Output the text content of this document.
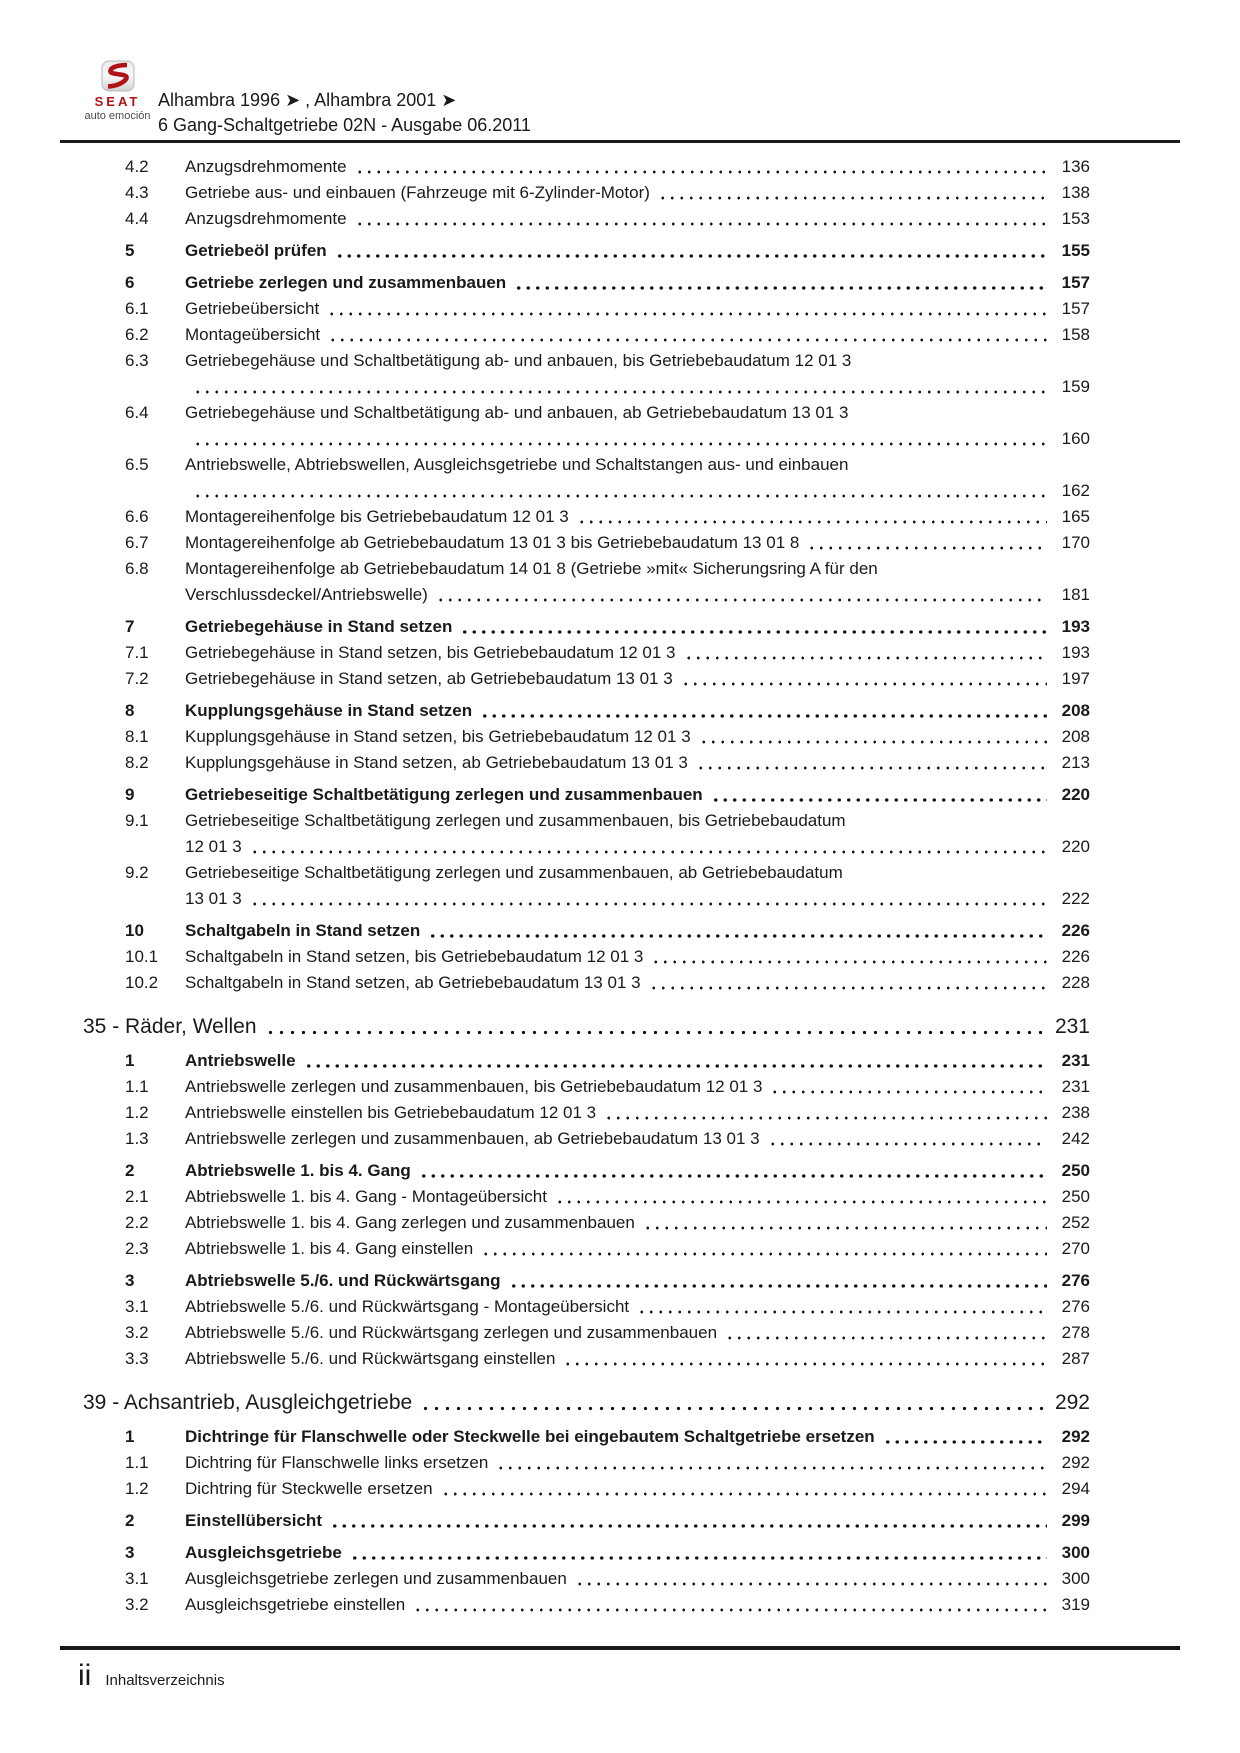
SEAT
auto emoción
Alhambra 1996 ➤ , Alhambra 2001 ➤
6 Gang-Schaltgetriebe 02N - Ausgabe 06.2011
4.2	Anzugsdrehmomente	136
4.3	Getriebe aus- und einbauen (Fahrzeuge mit 6-Zylinder-Motor)	138
4.4	Anzugsdrehmomente	153
5	Getriebeöl prüfen	155
6	Getriebe zerlegen und zusammenbauen	157
6.1	Getriebeübersicht	157
6.2	Montageübersicht	158
6.3	Getriebegehäuse und Schaltbetätigung ab- und anbauen, bis Getriebebaudatum 12 01 3
159
6.4	Getriebegehäuse und Schaltbetätigung ab- und anbauen, ab Getriebebaudatum 13 01 3
160
6.5	Antriebswelle, Abtriebswellen, Ausgleichsgetriebe und Schaltstangen aus- und einbauen
162
6.6	Montagereihenfolge bis Getriebebaudatum 12 01 3	165
6.7	Montagereihenfolge ab Getriebebaudatum 13 01 3 bis Getriebebaudatum 13 01 8	170
6.8	Montagereihenfolge ab Getriebebaudatum 14 01 8 (Getriebe »mit« Sicherungsring A für den
Verschlussdeckel/Antriebswelle)	181
7	Getriebegehäuse in Stand setzen	193
7.1	Getriebegehäuse in Stand setzen, bis Getriebebaudatum 12 01 3	193
7.2	Getriebegehäuse in Stand setzen, ab Getriebebaudatum 13 01 3	197
8	Kupplungsgehäuse in Stand setzen	208
8.1	Kupplungsgehäuse in Stand setzen, bis Getriebebaudatum 12 01 3	208
8.2	Kupplungsgehäuse in Stand setzen, ab Getriebebaudatum 13 01 3	213
9	Getriebeseitige Schaltbetätigung zerlegen und zusammenbauen	220
9.1	Getriebeseitige Schaltbetätigung zerlegen und zusammenbauen, bis Getriebebaudatum
12 01 3	220
9.2	Getriebeseitige Schaltbetätigung zerlegen und zusammenbauen, ab Getriebebaudatum
13 01 3	222
10	Schaltgabeln in Stand setzen	226
10.1	Schaltgabeln in Stand setzen, bis Getriebebaudatum 12 01 3	226
10.2	Schaltgabeln in Stand setzen, ab Getriebebaudatum 13 01 3	228
35 - Räder, Wellen	231
1	Antriebswelle	231
1.1	Antriebswelle zerlegen und zusammenbauen, bis Getriebebaudatum 12 01 3	231
1.2	Antriebswelle einstellen bis Getriebebaudatum 12 01 3	238
1.3	Antriebswelle zerlegen und zusammenbauen, ab Getriebebaudatum 13 01 3	242
2	Abtriebswelle 1. bis 4. Gang	250
2.1	Abtriebswelle 1. bis 4. Gang - Montageübersicht	250
2.2	Abtriebswelle 1. bis 4. Gang zerlegen und zusammenbauen	252
2.3	Abtriebswelle 1. bis 4. Gang einstellen	270
3	Abtriebswelle 5./6. und Rückwärtsgang	276
3.1	Abtriebswelle 5./6. und Rückwärtsgang - Montageübersicht	276
3.2	Abtriebswelle 5./6. und Rückwärtsgang zerlegen und zusammenbauen	278
3.3	Abtriebswelle 5./6. und Rückwärtsgang einstellen	287
39 - Achsantrieb, Ausgleichgetriebe	292
1	Dichtringe für Flanschwelle oder Steckwelle bei eingebautem Schaltgetriebe ersetzen	292
1.1	Dichtring für Flanschwelle links ersetzen	292
1.2	Dichtring für Steckwelle ersetzen	294
2	Einstellübersicht	299
3	Ausgleichsgetriebe	300
3.1	Ausgleichsgetriebe zerlegen und zusammenbauen	300
3.2	Ausgleichsgetriebe einstellen	319
ii Inhaltsverzeichnis
